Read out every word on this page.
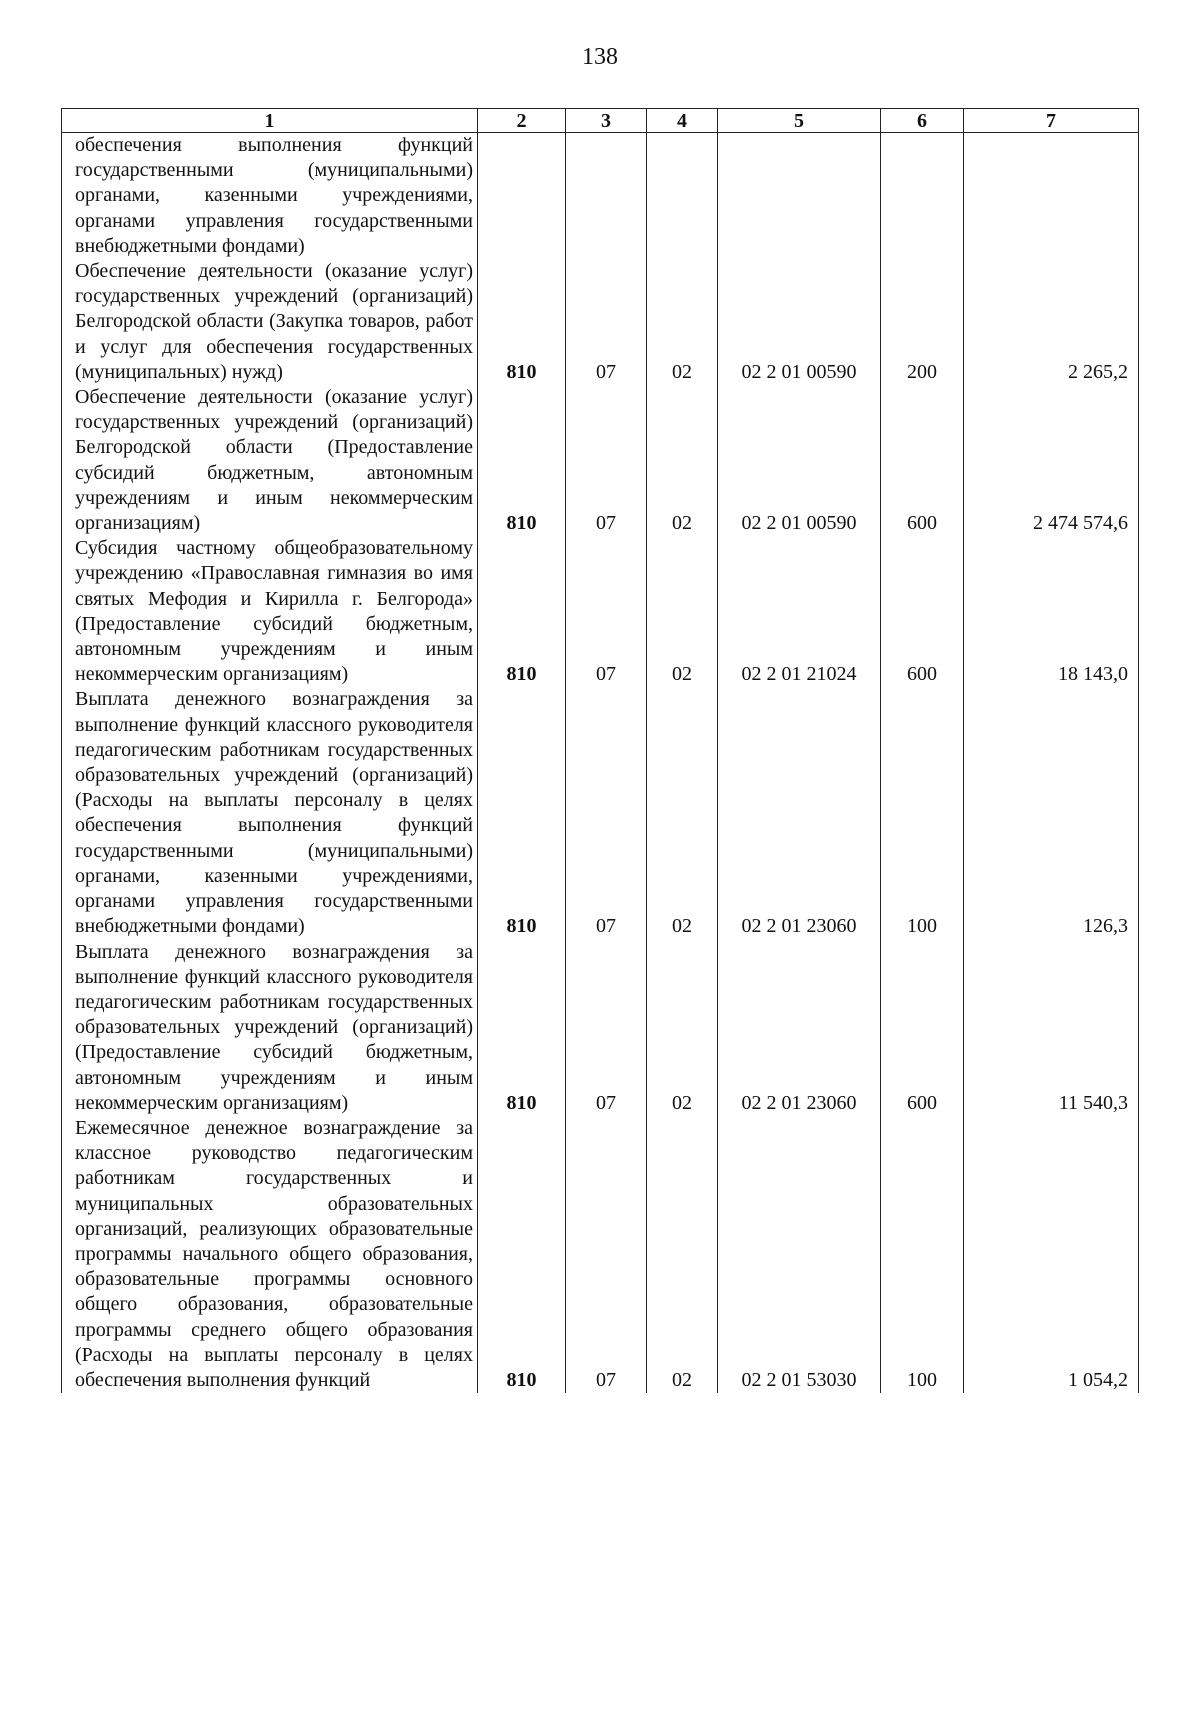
138
1	2	3	4	5	6	7
обеспечения выполнения функций государственными (муниципальными) органами, казенными учреждениями, органами управления государственными внебюджетными фондами)						
Обеспечение деятельности (оказание услуг) государственных учреждений (организаций) Белгородской области (Закупка товаров, работ и услуг для обеспечения государственных (муниципальных) нужд)	810	07	02	02 2 01 00590	200	2 265,2
Обеспечение деятельности (оказание услуг) государственных учреждений (организаций) Белгородской области (Предоставление субсидий бюджетным, автономным учреждениям и иным некоммерческим организациям)	810	07	02	02 2 01 00590	600	2 474 574,6
Субсидия частному общеобразовательному учреждению «Православная гимназия во имя святых Мефодия и Кирилла г. Белгорода» (Предоставление субсидий бюджетным, автономным учреждениям и иным некоммерческим организациям)	810	07	02	02 2 01 21024	600	18 143,0
Выплата денежного вознаграждения за выполнение функций классного руководителя педагогическим работникам государственных образовательных учреждений (организаций) (Расходы на выплаты персоналу в целях обеспечения выполнения функций государственными (муниципальными) органами, казенными учреждениями, органами управления государственными внебюджетными фондами)	810	07	02	02 2 01 23060	100	126,3
Выплата денежного вознаграждения за выполнение функций классного руководителя педагогическим работникам государственных образовательных учреждений (организаций) (Предоставление субсидий бюджетным, автономным учреждениям и иным некоммерческим организациям)	810	07	02	02 2 01 23060	600	11 540,3
Ежемесячное денежное вознаграждение за классное руководство педагогическим работникам государственных и муниципальных образовательных организаций, реализующих образовательные программы начального общего образования, образовательные программы основного общего образования, образовательные программы среднего общего образования (Расходы на выплаты персоналу в целях обеспечения выполнения функций	810	07	02	02 2 01 53030	100	1 054,2
